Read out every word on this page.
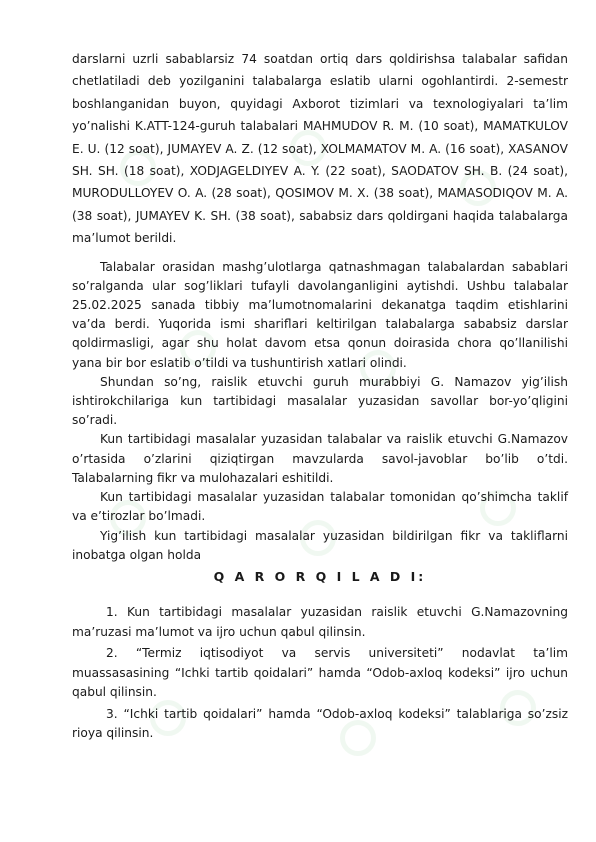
darslarni uzrli sabablarsiz 74 soatdan ortiq dars qoldirishsa talabalar safidan chetlatiladi deb yozilganini talabalarga eslatib ularni ogohlantirdi. 2-semestr boshlanganidan buyon, quyidagi Axborot tizimlari va texnologiyalari ta’lim yo’nalishi K.ATT-124-guruh talabalari MAHMUDOV R. M. (10 soat), MAMATKULOV E. U. (12 soat), JUMAYEV A. Z. (12 soat), XOLMAMATOV M. A. (16 soat), XASANOV SH. SH. (18 soat), XODJAGELDIYEV A. Y. (22 soat), SAODATOV SH. B. (24 soat), MURODULLOYEV O. A. (28 soat), QOSIMOV M. X. (38 soat), MAMASODIQOV M. A. (38 soat), JUMAYEV K. SH. (38 soat), sababsiz dars qoldirgani haqida talabalarga ma’lumot berildi.

Talabalar orasidan mashg’ulotlarga qatnashmagan talabalardan sabablari so’ralganda ular sog’liklari tufayli davolanganligini aytishdi. Ushbu talabalar 25.02.2025 sanada tibbiy ma’lumotnomalarini dekanatga taqdim etishlarini va’da berdi. Yuqorida ismi shariflari keltirilgan talabalarga sababsiz darslar qoldirmasligi, agar shu holat davom etsa qonun doirasida chora qo’llanilishi yana bir bor eslatib o’tildi va tushuntirish xatlari olindi.

Shundan so’ng, raislik etuvchi guruh murabbiyi G. Namazov yig’ilish ishtirokchilariga kun tartibidagi masalalar yuzasidan savollar bor-yo’qligini so’radi.

Kun tartibidagi masalalar yuzasidan talabalar va raislik etuvchi G.Namazov o’rtasida o’zlarini qiziqtirgan mavzularda savol-javoblar bo’lib o’tdi. Talabalarning fikr va mulohazalari eshitildi.

Kun tartibidagi masalalar yuzasidan talabalar tomonidan qo’shimcha taklif va e’tirozlar bo’lmadi.

Yig’ilish kun tartibidagi masalalar yuzasidan bildirilgan fikr va takliflarni inobatga olgan holda

Q A R O R Q I L A D I:

1. Kun tartibidagi masalalar yuzasidan raislik etuvchi G.Namazovning ma’ruzasi ma’lumot va ijro uchun qabul qilinsin.

2. “Termiz iqtisodiyot va servis universiteti” nodavlat ta’lim muassasasining “Ichki tartib qoidalari” hamda “Odob-axloq kodeksi” ijro uchun qabul qilinsin.

3. “Ichki tartib qoidalari” hamda “Odob-axloq kodeksi” talablariga so’zsiz rioya qilinsin.
